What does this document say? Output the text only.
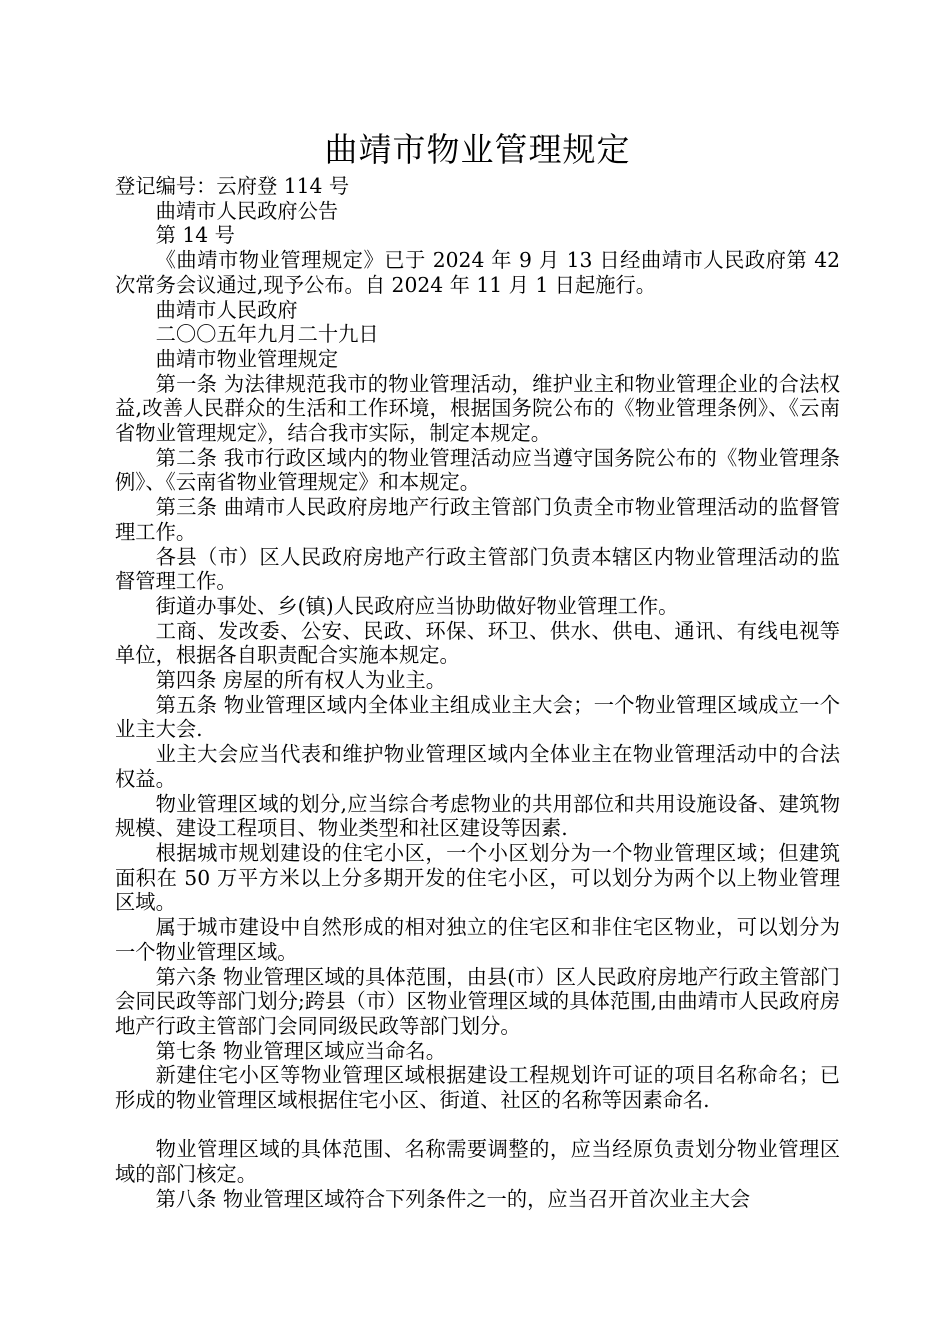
曲靖市物业管理规定

登记编号：云府登 114 号

曲靖市人民政府公告

第 14 号

《曲靖市物业管理规定》已于 2024 年 9 月 13 日经曲靖市人民政府第 42 次常务会议通过,现予公布。自 2024 年 11 月 1 日起施行。

曲靖市人民政府

二〇〇五年九月二十九日

曲靖市物业管理规定

第一条 为法律规范我市的物业管理活动，维护业主和物业管理企业的合法权益,改善人民群众的生活和工作环境，根据国务院公布的《物业管理条例》、《云南省物业管理规定》，结合我市实际，制定本规定。

第二条 我市行政区域内的物业管理活动应当遵守国务院公布的《物业管理条例》、《云南省物业管理规定》和本规定。

第三条 曲靖市人民政府房地产行政主管部门负责全市物业管理活动的监督管理工作。

各县（市）区人民政府房地产行政主管部门负责本辖区内物业管理活动的监督管理工作。

街道办事处、乡(镇)人民政府应当协助做好物业管理工作。

工商、发改委、公安、民政、环保、环卫、供水、供电、通讯、有线电视等单位，根据各自职责配合实施本规定。

第四条 房屋的所有权人为业主。

第五条 物业管理区域内全体业主组成业主大会；一个物业管理区域成立一个业主大会.

业主大会应当代表和维护物业管理区域内全体业主在物业管理活动中的合法权益。

物业管理区域的划分,应当综合考虑物业的共用部位和共用设施设备、建筑物规模、建设工程项目、物业类型和社区建设等因素.

根据城市规划建设的住宅小区，一个小区划分为一个物业管理区域；但建筑面积在 50 万平方米以上分多期开发的住宅小区，可以划分为两个以上物业管理区域。

属于城市建设中自然形成的相对独立的住宅区和非住宅区物业，可以划分为一个物业管理区域。

第六条 物业管理区域的具体范围，由县(市）区人民政府房地产行政主管部门会同民政等部门划分;跨县（市）区物业管理区域的具体范围,由曲靖市人民政府房地产行政主管部门会同同级民政等部门划分。

第七条 物业管理区域应当命名。

新建住宅小区等物业管理区域根据建设工程规划许可证的项目名称命名；已形成的物业管理区域根据住宅小区、街道、社区的名称等因素命名.

物业管理区域的具体范围、名称需要调整的，应当经原负责划分物业管理区域的部门核定。

第八条 物业管理区域符合下列条件之一的，应当召开首次业主大会
